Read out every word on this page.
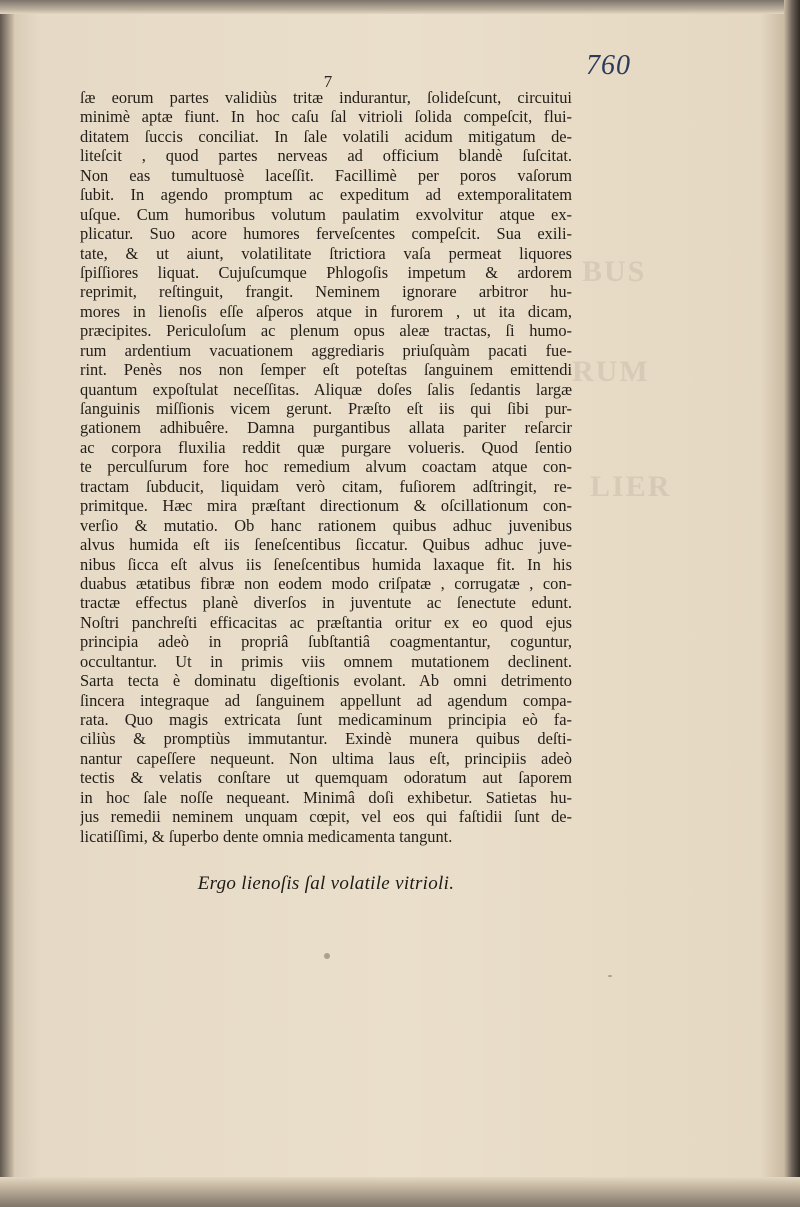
BUS
RUM
LIER
760
7
ſæ eorum partes validiùs tritæ indurantur, ſolideſcunt, circuitui
minimè aptæ fiunt. In hoc caſu ſal vitrioli ſolida compeſcit, flui-
ditatem ſuccis conciliat. In ſale volatili acidum mitigatum de-
liteſcit , quod partes nerveas ad officium blandè ſuſcitat.
Non eas tumultuosè laceſſit. Facillimè per poros vaſorum
ſubit. In agendo promptum ac expeditum ad extemporalitatem
uſque. Cum humoribus volutum paulatim exvolvitur atque ex-
plicatur. Suo acore humores ferveſcentes compeſcit. Sua exili-
tate, & ut aiunt, volatilitate ſtrictiora vaſa permeat liquores
ſpiſſiores liquat. Cujuſcumque Phlogoſis impetum & ardorem
reprimit, reſtinguit, frangit. Neminem ignorare arbitror hu-
mores in lienoſis eſſe aſperos atque in furorem , ut ita dicam,
præcipites. Periculoſum ac plenum opus aleæ tractas, ſi humo-
rum ardentium vacuationem aggrediaris priuſquàm pacati fue-
rint. Penès nos non ſemper eſt poteſtas ſanguinem emittendi
quantum expoſtulat neceſſitas. Aliquæ doſes ſalis ſedantis largæ
ſanguinis miſſionis vicem gerunt. Præſto eſt iis qui ſibi pur-
gationem adhibuêre. Damna purgantibus allata pariter reſarcir
ac corpora fluxilia reddit quæ purgare volueris. Quod ſentio
te perculſurum fore hoc remedium alvum coactam atque con-
tractam ſubducit, liquidam verò citam, fuſiorem adſtringit, re-
primitque. Hæc mira præſtant directionum & oſcillationum con-
verſio & mutatio. Ob hanc rationem quibus adhuc juvenibus
alvus humida eſt iis ſeneſcentibus ſiccatur. Quibus adhuc juve-
nibus ſicca eſt alvus iis ſeneſcentibus humida laxaque fit. In his
duabus ætatibus fibræ non eodem modo criſpatæ , corrugatæ , con-
tractæ effectus planè diverſos in juventute ac ſenectute edunt.
Noſtri panchreſti efficacitas ac præſtantia oritur ex eo quod ejus
principia adeò in propriâ ſubſtantiâ coagmentantur, coguntur,
occultantur. Ut in primis viis omnem mutationem declinent.
Sarta tecta è dominatu digeſtionis evolant. Ab omni detrimento
ſincera integraque ad ſanguinem appellunt ad agendum compa-
rata. Quo magis extricata ſunt medicaminum principia eò fa-
ciliùs & promptiùs immutantur. Exindè munera quibus deſti-
nantur capeſſere nequeunt. Non ultima laus eſt, principiis adeò
tectis & velatis conſtare ut quemquam odoratum aut ſaporem
in hoc ſale noſſe nequeant. Minimâ doſi exhibetur. Satietas hu-
jus remedii neminem unquam cœpit, vel eos qui faſtidii ſunt de-
licatiſſimi, & ſuperbo dente omnia medicamenta tangunt.
Ergo lienoſis ſal volatile vitrioli.
